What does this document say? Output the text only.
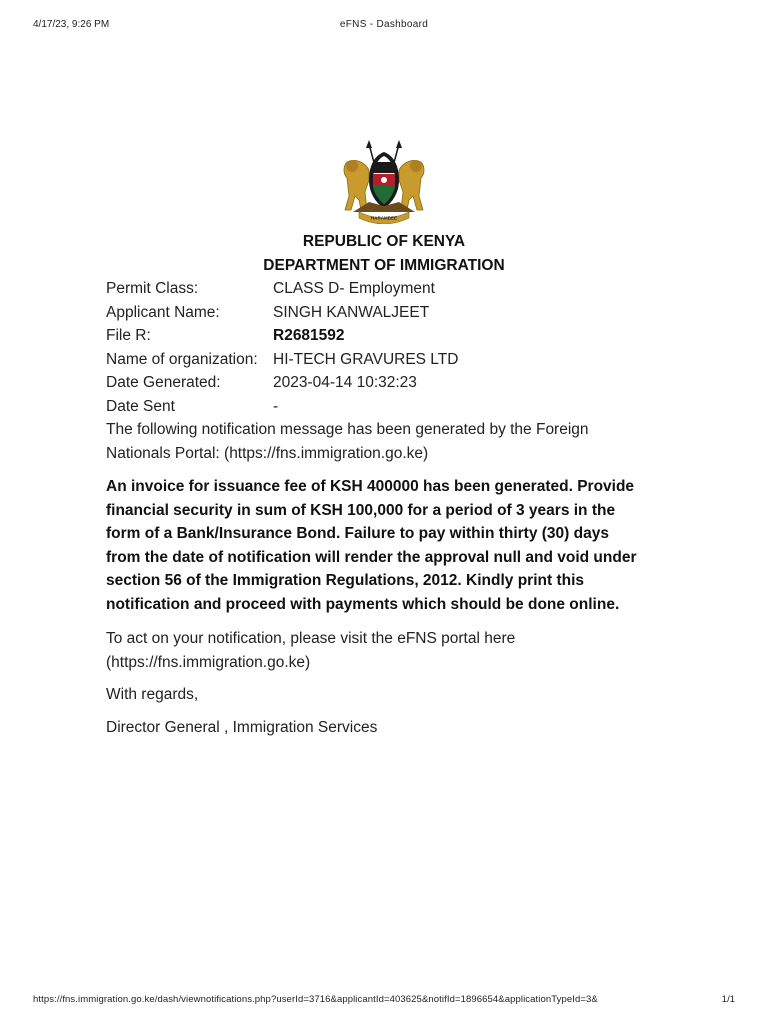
4/17/23, 9:26 PM	eFNS - Dashboard
HARAMBEE
REPUBLIC OF KENYA
DEPARTMENT OF IMMIGRATION
Permit Class:	CLASS D- Employment
Applicant Name:	SINGH KANWALJEET
File R:	R2681592
Name of organization: HI-TECH GRAVURES LTD
Date Generated:	2023-04-14 10:32:23
Date Sent	-
The following notification message has been generated by the Foreign
Nationals Portal: (https://fns.immigration.go.ke)
An invoice for issuance fee of KSH 400000 has been generated. Provide
financial security in sum of KSH 100,000 for a period of 3 years in the
form of a Bank/Insurance Bond. Failure to pay within thirty (30) days
from the date of notification will render the approval null and void under
section 56 of the Immigration Regulations, 2012. Kindly print this
notification and proceed with payments which should be done online.
To act on your notification, please visit the eFNS portal here
(https://fns.immigration.go.ke)
With regards,
Director General , Immigration Services
https://fns.immigration.go.ke/dash/viewnotifications.php?userId=3716&applicantId=403625&notifId=1896654&applicationTypeId=3&	1/1
